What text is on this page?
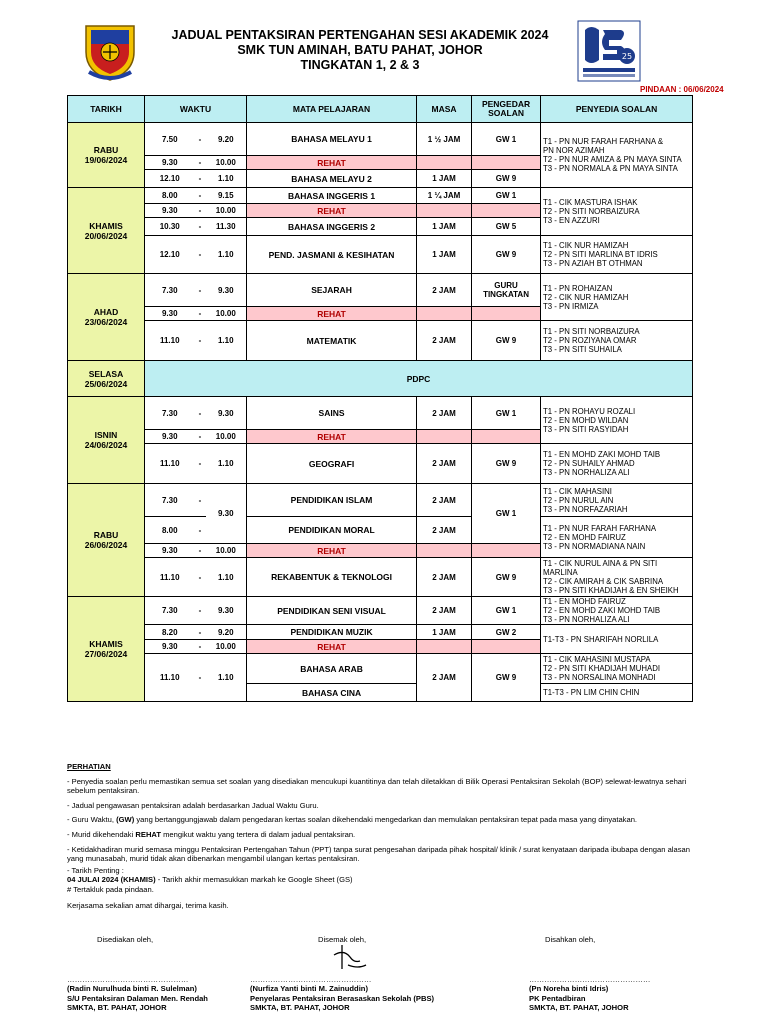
JADUAL PENTAKSIRAN PERTENGAHAN SESI AKADEMIK 2024
SMK TUN AMINAH, BATU PAHAT, JOHOR
TINGKATAN 1, 2 & 3
25
PINDAAN : 06/06/2024
TARIKH	WAKTU			MATA PELAJARAN	MASA	PENGEDAR SOALAN	PENYEDIA SOALAN
RABU
19/06/2024	7.50	-	9.20	BAHASA MELAYU 1	1 ½ JAM	GW 1	T1 - PN NUR FARAH FARHANA &
PN NOR AZIMAH
T2 - PN NUR AMIZA & PN MAYA SINTA
T3 - PN NORMALA & PN MAYA SINTA
	9.30	-	10.00	REHAT			
	12.10	-	1.10	BAHASA MELAYU 2	1 JAM	GW 9	
KHAMIS
20/06/2024	8.00	-	9.15	BAHASA INGGERIS 1	1 ¼ JAM	GW 1	T1 - CIK MASTURA ISHAK
T2 - PN SITI NORBAIZURA
T3 - EN AZZURI
	9.30	-	10.00	REHAT			
	10.30	-	11.30	BAHASA INGGERIS 2	1 JAM	GW 5	
	12.10	-	1.10	PEND. JASMANI & KESIHATAN	1 JAM	GW 9	T1 - CIK NUR HAMIZAH
T2 - PN SITI MARLINA BT IDRIS
T3 - PN AZIAH BT OTHMAN
AHAD
23/06/2024	7.30	-	9.30	SEJARAH	2 JAM	GURU
TINGKATAN	T1 - PN ROHAIZAN
T2 - CIK NUR HAMIZAH
T3 - PN IRMIZA
	9.30	-	10.00	REHAT			
	11.10	-	1.10	MATEMATIK	2 JAM	GW 9	T1 - PN SITI NORBAIZURA
T2 - PN ROZIYANA OMAR
T3 - PN SITI SUHAILA
SELASA
25/06/2024	PDPC						
ISNIN
24/06/2024	7.30	-	9.30	SAINS	2 JAM	GW 1	T1 - PN ROHAYU ROZALI
T2 - EN MOHD WILDAN
T3 - PN SITI RASYIDAH
	9.30	-	10.00	REHAT			
	11.10	-	1.10	GEOGRAFI	2 JAM	GW 9	T1 - EN MOHD ZAKI MOHD TAIB
T2 - PN SUHAILY AHMAD
T3 - PN NORHALIZA ALI
RABU
26/06/2024	7.30	-	9.30	PENDIDIKAN ISLAM	2 JAM	GW 1	T1 - CIK MAHASINI
T2 - PN NURUL AIN
T3 - PN NORFAZARIAH
	8.00	-		PENDIDIKAN MORAL	2 JAM		T1 - PN NUR FARAH FARHANA
T2 - EN MOHD FAIRUZ
T3 - PN NORMADIANA NAIN
	9.30	-	10.00	REHAT			
	11.10	-	1.10	REKABENTUK & TEKNOLOGI	2 JAM	GW 9	T1 - CIK NURUL AINA & PN SITI
MARLINA
T2 - CIK AMIRAH & CIK SABRINA
T3 - PN SITI KHADIJAH & EN SHEIKH
KHAMIS
27/06/2024	7.30	-	9.30	PENDIDIKAN SENI VISUAL	2 JAM	GW 1	T1 - EN MOHD FAIRUZ
T2 - EN MOHD ZAKI MOHD TAIB
T3 - PN NORHALIZA ALI
	8.20	-	9.20	PENDIDIKAN MUZIK	1 JAM	GW 2	T1-T3 - PN SHARIFAH NORLILA
	9.30	-	10.00	REHAT			
	11.10	-	1.10	BAHASA ARAB	2 JAM	GW 9	T1 - CIK MAHASINI MUSTAPA
T2 - PN SITI KHADIJAH MUHADI
T3 - PN NORSALINA MONHADI
				BAHASA CINA			T1-T3 - PN LIM CHIN CHIN

PERHATIAN

- Penyedia soalan perlu memastikan semua set soalan yang disediakan mencukupi kuantitinya dan telah diletakkan di Bilik Operasi Pentaksiran Sekolah (BOP) selewat-lewatnya sehari sebelum pentaksiran.

- Jadual pengawasan pentaksiran adalah berdasarkan Jadual Waktu Guru.

- Guru Waktu, (GW) yang bertanggungjawab dalam pengedaran kertas soalan dikehendaki mengedarkan dan memulakan pentaksiran tepat pada masa yang dinyatakan.

- Murid dikehendaki REHAT mengikut waktu yang tertera di dalam jadual pentaksiran.

- Ketidakhadiran murid semasa minggu Pentaksiran Pertengahan Tahun (PPT) tanpa surat pengesahan daripada pihak hospital/ klinik / surat kenyataan daripada ibubapa dengan alasan yang munasabah, murid tidak akan dibenarkan mengambil ulangan kertas pentaksiran.

- Tarikh Penting :
04 JULAI 2024 (KHAMIS) - Tarikh akhir memasukkan markah ke Google Sheet (GS)

# Tertakluk pada pindaan.

Kerjasama sekalian amat dihargai, terima kasih.

Disediakan oleh,
…………………………………………
(Radin Nurulhuda binti R. Sulelman)
S/U Pentaksiran Dalaman Men. Rendah
SMKTA, BT. PAHAT, JOHOR
Disemak oleh,
…………………………………………
(Nurfiza Yanti binti M. Zainuddin)
Penyelaras Pentaksiran Berasaskan Sekolah (PBS)
SMKTA, BT. PAHAT, JOHOR
Disahkan oleh,
…………………………………………
(Pn Noreha binti Idris)
PK Pentadbiran
SMKTA, BT. PAHAT, JOHOR
